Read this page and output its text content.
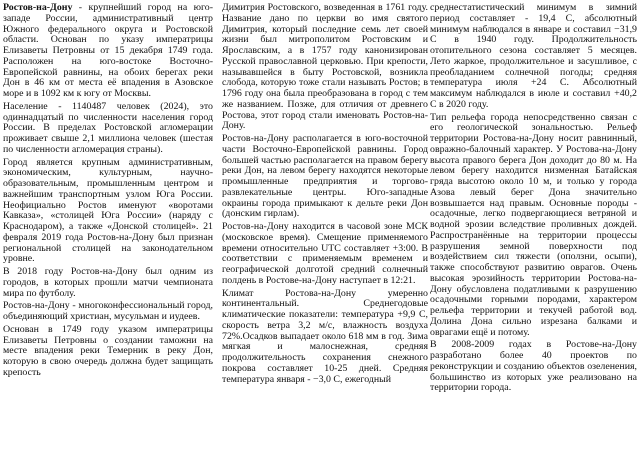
Ростов-на-Дону - крупнейший город на юго-западе России, административный центр Южного федерального округа и Ростовской области. Основан по указу императрицы Елизаветы Петровны от 15 декабря 1749 года. Расположен на юго-востоке Восточно-Европейской равнины, на обоих берегах реки Дон в 46 км от места её впадения в Азовское море и в 1092 км к югу от Москвы.

Население - 1140487 человек (2024), это одиннадцатый по численности населения город России. В пределах Ростовской агломерации проживает свыше 2,1 миллиона человек (шестая по численности агломерация страны).

Город является крупным административным, экономическим, культурным, научно-образовательным, промышленным центром и важнейшим транспортным узлом Юга России. Неофициально Ростов именуют «воротами Кавказа», «столицей Юга России» (наряду с Краснодаром), а также «Донской столицей». 21 февраля 2019 года Ростов-на-Дону был признан региональной столицей на законодательном уровне.

В 2018 году Ростов-на-Дону был одним из городов, в которых прошли матчи чемпионата мира по футболу.

Ростов-на-Дону - многоконфессиональный город, объединяющий христиан, мусульман и иудеев.

Основан в 1749 году указом императрицы Елизаветы Петровны о создании таможни на месте впадения реки Темерник в реку Дон, которую в свою очередь должна будет защищать крепость

Димитрия Ростовского, возведенная в 1761 году. Название дано по церкви во имя святого Димитрия, который последние семь лет своей жизни был митрополитом Ростовским и Ярославским, а в 1757 году канонизирован Русской православной церковью. При крепости, называвшейся в быту Ростовской, возникла слобода, которую тоже стали называть Ростов; в 1796 году она была преобразована в город с тем же названием. Позже, для отличия от древнего Ростова, этот город стали именовать Ростов-на-Дону.

Ростов-на-Дону располагается в юго-восточной части Восточно-Европейской равнины. Город большей частью располагается на правом берегу реки Дон, на левом берегу находятся некоторые промышленные предприятия и торгово-развлекательные центры. Юго-западные окраины города примыкают к дельте реки Дон (донским гирлам).

Ростов-на-Дону находится в часовой зоне МСК (московское время). Смещение применяемого времени относительно UTC составляет +3:00. В соответствии с применяемым временем и географической долготой средний солнечный полдень в Ростове-на-Дону наступает в 12:21.

Климат Ростова-на-Дону умеренно континентальный. Среднегодовые климатические показатели: температура +9,9 С, скорость ветра 3,2 м/с, влажность воздуха 72%.Осадков выпадает около 618 мм в год. Зима мягкая и малоснежная, средняя продолжительность сохранения снежного покрова составляет 10-25 дней. Средняя температура января - −3,0 С, ежегодный

среднестатистический минимум в зимний период составляет - 19,4 С, абсолютный минимум наблюдался в январе и составил −31,9 С в 1940 году. Продолжительность отопительного сезона составляет 5 месяцев. Лето жаркое, продолжительное и засушливое, с преобладанием солнечной погоды; средняя температура июля +24 С. Абсолютный максимум наблюдался в июле и составил +40,2 С в 2020 году.

Тип рельефа города непосредственно связан с его геологической зональностью. Рельеф территории Ростова-на-Дону носит равнинный, овражно-балочный характер. У Ростова-на-Дону высота правого берега Дон доходит до 80 м. На левом берегу находится низменная Батайская гряда высотою около 10 м, и только у города Азова левый берег Дона значительно возвышается над правым. Основные породы - осадочные, легко подвергающиеся ветряной и водной эрозии вследствие проливных дождей. Распространённые на территории процессы разрушения земной поверхности под воздействием сил тяжести (оползни, осыпи), также способствуют развитию оврагов. Очень высокая эрозийность территории Ростова-на-Дону обусловлена податливыми к разрушению осадочными горными породами, характером рельефа территории и текучей работой вод. Долина Дона сильно изрезана балками и оврагами ещё и потому.

В 2008-2009 годах в Ростове-на-Дону разработано более 40 проектов по реконструкции и созданию объектов озеленения, большинство из которых уже реализовано на территории города.
